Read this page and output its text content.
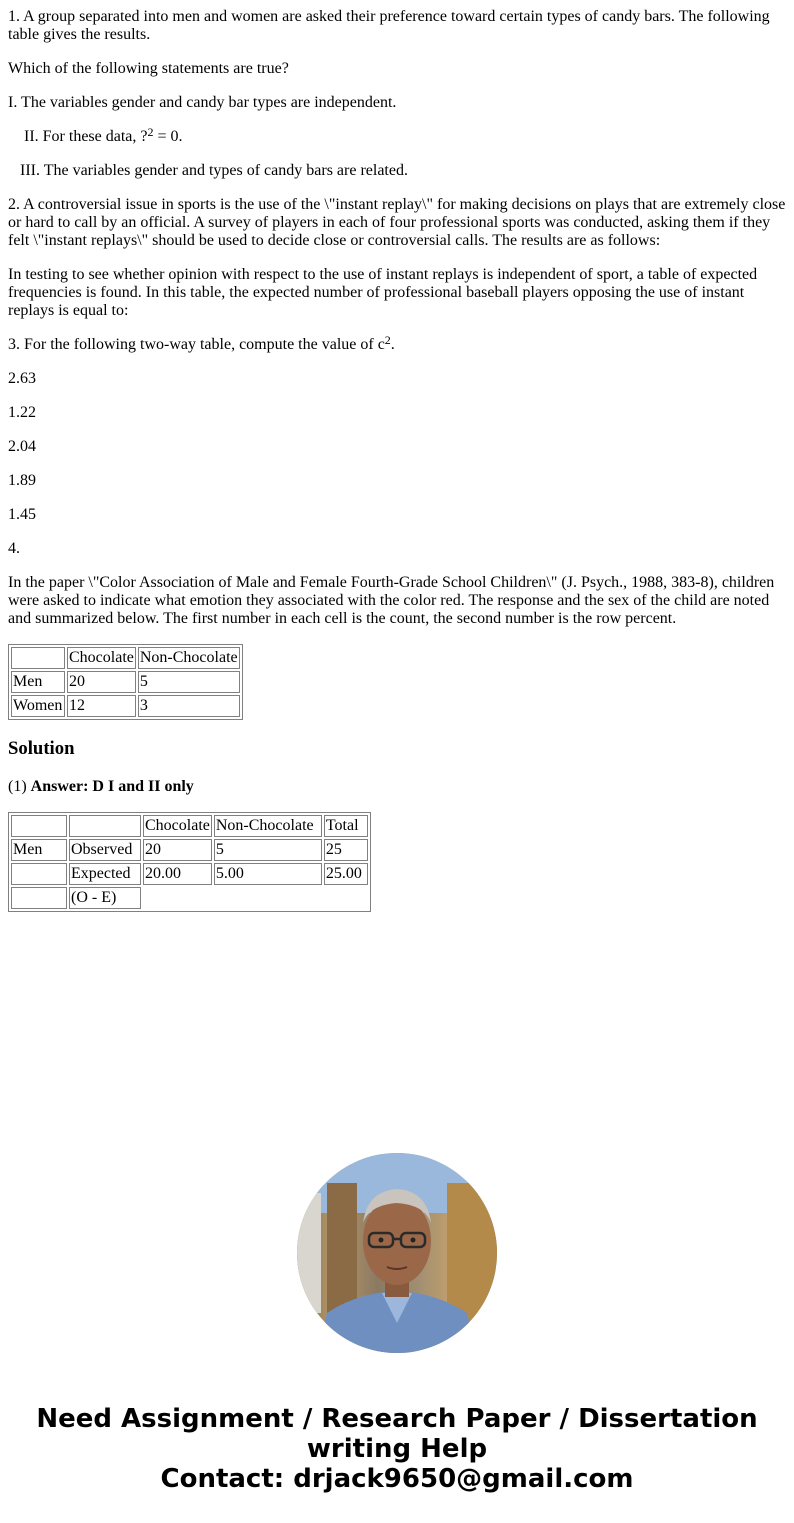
1. A group separated into men and women are asked their preference toward certain types of candy bars. The following table gives the results.

Which of the following statements are true?

I. The variables gender and candy bar types are independent.

II. For these data, ?$^2$ = 0.

III. The variables gender and types of candy bars are related.

2. A controversial issue in sports is the use of the \"instant replay\" for making decisions on plays that are extremely close or hard to call by an official. A survey of players in each of four professional sports was conducted, asking them if they felt \"instant replays\" should be used to decide close or controversial calls. The results are as follows:

In testing to see whether opinion with respect to the use of instant replays is independent of sport, a table of expected frequencies is found. In this table, the expected number of professional baseball players opposing the use of instant replays is equal to:

3. For the following two-way table, compute the value of $c^2$.

2.63

1.22

2.04

1.89

1.45

4.

In the paper \"Color Association of Male and Female Fourth-Grade School Children\" (J. Psych., 1988, 383-8), children were asked to indicate what emotion they associated with the color red. The response and the sex of the child are noted and summarized below. The first number in each cell is the count, the second number is the row percent.

	Chocolate	Non-Chocolate
Men	20	5
Women	12	3
Solution

(1) Answer: D I and II only

		Chocolate	Non-Chocolate	Total
Men	Observed	20	5	25
	Expected	20.00	5.00	25.00
	(O - E)			
Need Assignment / Research Paper / Dissertation
writing Help
Contact: drjack9650@gmail.com
